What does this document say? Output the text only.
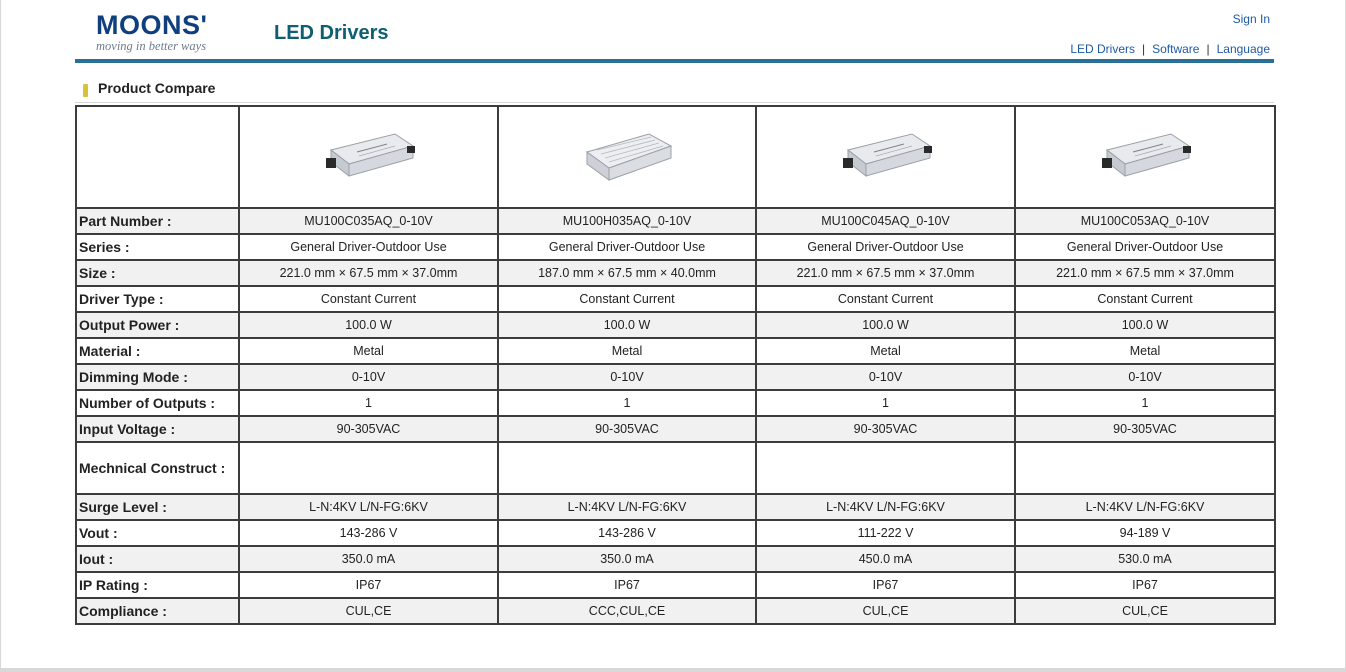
MOONS'
moving in better ways
LED Drivers
Sign In
LED Drivers | Software | Language
Product Compare

Part Number :	MU100C035AQ_0-10V	MU100H035AQ_0-10V	MU100C045AQ_0-10V	MU100C053AQ_0-10V
Series :	General Driver-Outdoor Use	General Driver-Outdoor Use	General Driver-Outdoor Use	General Driver-Outdoor Use
Size :	221.0 mm × 67.5 mm × 37.0mm	187.0 mm × 67.5 mm × 40.0mm	221.0 mm × 67.5 mm × 37.0mm	221.0 mm × 67.5 mm × 37.0mm
Driver Type :	Constant Current	Constant Current	Constant Current	Constant Current
Output Power :	100.0 W	100.0 W	100.0 W	100.0 W
Material :	Metal	Metal	Metal	Metal
Dimming Mode :	0-10V	0-10V	0-10V	0-10V
Number of Outputs :	1	1	1	1
Input Voltage :	90-305VAC	90-305VAC	90-305VAC	90-305VAC
Mechnical Construct :				
Surge Level :	L-N:4KV L/N-FG:6KV	L-N:4KV L/N-FG:6KV	L-N:4KV L/N-FG:6KV	L-N:4KV L/N-FG:6KV
Vout :	143-286 V	143-286 V	111-222 V	94-189 V
Iout :	350.0 mA	350.0 mA	450.0 mA	530.0 mA
IP Rating :	IP67	IP67	IP67	IP67
Compliance :	CUL,CE	CCC,CUL,CE	CUL,CE	CUL,CE
